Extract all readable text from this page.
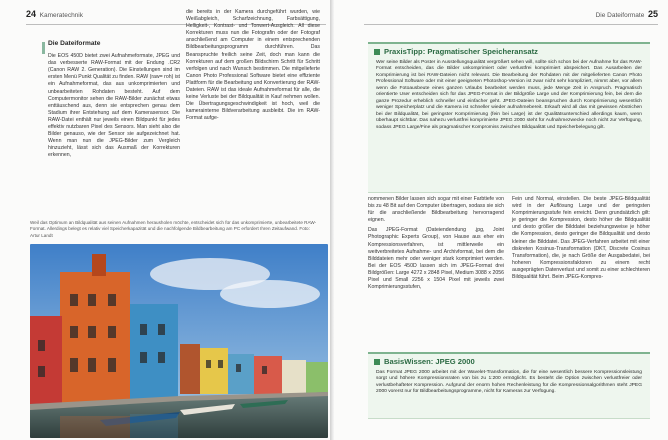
24 Kameratechnik
Die Dateiformate

Die EOS 450D bietet zwei Aufnahmeformate, JPEG und das verbesserte RAW-Format mit der Endung .CR2 (Canon RAW 2. Generation). Die Einstellungen sind im ersten Menü Punkt Qualität zu finden. RAW (raw= roh) ist ein Aufnahmeformat, das aus unkomprimierten und unbearbeiteten Rohdaten besteht. Auf dem Computermonitor sehen die RAW-Bilder zunächst etwas enttäuschend aus, denn sie entsprechen genau dem Stadium ihrer Entstehung auf dem Kamerasensor. Die RAW-Datei enthält nur jeweils einen Bildpunkt für jedes effektiv nutzbaren Pixel des Sensors. Man sieht also die Bilder genauso, wie der Sensor sie aufgezeichnet hat. Wenn man nun die JPEG-Bilder zum Vergleich hinzuzieht, lässt sich das Ausmaß der Korrekturen erkennen,

die bereits in der Kamera durchgeführt wurden, wie Weißabgleich, Scharfzeichnung, Farbsättigung, Helligkeit-, Kontrast- und Tonwert-Ausgleich. All diese Korrekturen muss nun die Fotografin oder der Fotograf anschließend am Computer in einem entsprechenden Bildbearbeitungsprogramm durchführen. Das Beanspruchte freilich seine Zeit, doch man kann die Korrekturen auf dem großen Bildschirm Schritt für Schritt verfolgen und nach Wunsch bestimmen. Die mitgelieferte Canon Photo Professional Software bietet eine effiziente Plattform für die Bearbeitung und Konvertierung der RAW-Dateien. RAW ist das ideale Aufnahmeformat für alle, die keine Verluste bei der Bildqualität in Kauf nehmen wollen. Die Übertragungsgeschwindigkeit ist hoch, weil die kamerainterne Bildverarbeitung ausbleibt. Die im RAW-Format aufge-

Weil das Optimum an Bildqualität aus seinen Aufnahmen herausholen möchte, entscheidet sich für das unkomprimierte, unbearbeitete RAW-Format. Allerdings belegt es relativ viel Speicherkapazität und die nachfolgende Bildbearbeitung am PC erfordert Ihren Zeitaufwand. Foto: Artur Landt
Die Dateiformate 25
PraxisTipp: Pragmatischer Speicheransatz
Wer seine Bilder als Poster in Ausstellungsqualität vergrößert sehen will, sollte sich schon bei der Aufnahme für das RAW-Format entscheiden, das die Bilder unkomprimiert oder verlustfrei komprimiert abspeichert. Das Ausarbeiten der Komprimierung ist bei RAW-Dateien nicht relevant. Die Bearbeitung der Rohdaten mit der mitgelieferten Canon Photo Professional Software oder mit einer geeigneten Photoshop-Version ist zwar nicht sehr kompliziert, nimmt aber, vor allem wenn die Fotoausbeute eines ganzen Urlaubs bearbeitet werden muss, jede Menge Zeit in Anspruch. Pragmatisch orientierte User entscheiden sich für das JPEG-Format in der Bildgröße Large und der Komprimierung fein, bei dem die ganze Prozedur erheblich schneller und einfacher geht. JPEG-Dateien beanspruchen durch Komprimierung wesentlich weniger Speicherplatz und die Kamera ist schneller wieder aufnahmebereit. Erkauft wird all das mit gewissen Abstrichen bei der Bildqualität, bei geringster Komprimierung (fein bei Large) ist der Qualitätsunterschied allerdings kaum, wenn überhaupt sichtbar. Das nahezu verlustfrei komprimierte JPEG 2000 steht für Aufnahmezwecke noch nicht zur Verfügung, sodass JPEG Large/Fine als pragmatischer Kompromiss zwischen Bildqualität und Speicherbelegung gilt.

nommenen Bilder lassen sich sogar mit einer Farbtiefe von bis zu 48 Bit auf den Computer übertragen, sodass sie sich für die anschließende Bildbearbeitung hervorragend eignen.

Das JPEG-Format (Dateiendendung .jpg, Joint Photographic Experts Group), von Hause aus eher ein Kompressionsverfahren, ist mittlerweile ein weitverbreitetes Aufnahme- und Archivformat, bei dem die Bilddateien mehr oder weniger stark komprimiert werden. Bei der EOS 450D lassen sich im JPEG-Format drei Bildgrößen: Large 4272 x 2848 Pixel, Medium 3088 x 2056 Pixel und Small 2256 x 1504 Pixel mit jeweils zwei Komprimierungsstufen,

Fein und Normal, einstellen. Die beste JPEG-Bildqualität wird in der Auflösung Large und der geringsten Komprimierungsstufe fein erreicht. Denn grundsätzlich gilt: je geringer die Kompression, desto höher die Bildqualität und desto größer die Bilddatei beziehungsweise je höher die Kompression, desto geringer die Bildqualität und desto kleiner die Bilddatei. Das JPEG-Verfahren arbeitet mit einer diskreten Kosinus-Transformation (DKT, Discrete Cosinus Transformation), die, je nach Größe der Ausgabedatei, bei hoheren Kompressionsfaktoren zu einem recht ausgeprägten Datenverlust und somit zu einer schlechteren Bildqualität führt. Beim JPEG-Kompres-

BasisWissen: JPEG 2000
Das Format JPEG 2000 arbeitet mit der Wavelet-Transformation, die für eine wesentlich bessere Kompressionsleistung sorgt und höhere Kompressionsraten von bis zu 1:200 ermöglicht. Es besteht die Option zwischen verlustfreier oder verlustbehafteter Kompression. Aufgrund der enorm hohen Rechenleistung für die Kompressionsalgorithmen steht JPEG 2000 vorerst nur für Bildbearbeitungsprogramme, nicht für Kameras zur Verfügung.
